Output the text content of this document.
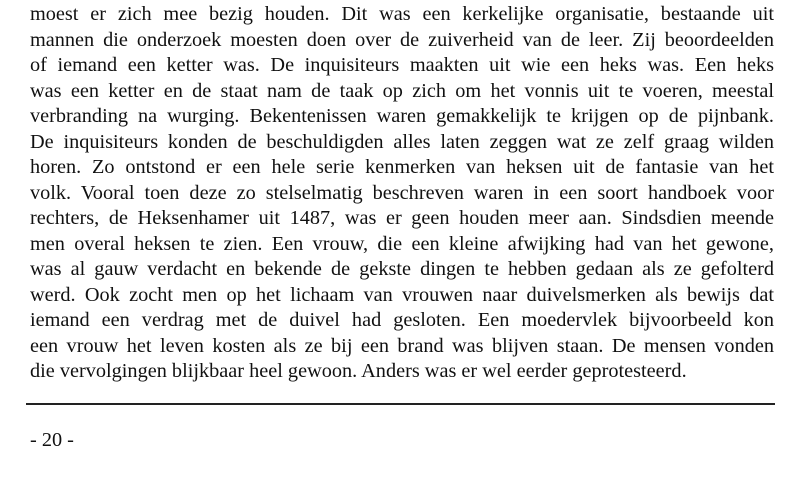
moest er zich mee bezig houden. Dit was een kerkelijke organisatie, bestaande uit
mannen die onderzoek moesten doen over de zuiverheid van de leer. Zij beoordeelden
of iemand een ketter was. De inquisiteurs maakten uit wie een heks was. Een heks
was een ketter en de staat nam de taak op zich om het vonnis uit te voeren, meestal
verbranding na wurging. Bekentenissen waren gemakkelijk te krijgen op de pijnbank.
De inquisiteurs konden de beschuldigden alles laten zeggen wat ze zelf graag wilden
horen. Zo ontstond er een hele serie kenmerken van heksen uit de fantasie van het
volk. Vooral toen deze zo stelselmatig beschreven waren in een soort handboek voor
rechters, de Heksenhamer uit 1487, was er geen houden meer aan. Sindsdien meende
men overal heksen te zien. Een vrouw, die een kleine afwijking had van het gewone,
was al gauw verdacht en bekende de gekste dingen te hebben gedaan als ze gefolterd
werd. Ook zocht men op het lichaam van vrouwen naar duivelsmerken als bewijs dat
iemand een verdrag met de duivel had gesloten. Een moedervlek bijvoorbeeld kon
een vrouw het leven kosten als ze bij een brand was blijven staan. De mensen vonden
die vervolgingen blijkbaar heel gewoon. Anders was er wel eerder geprotesteerd.
- 20 -
